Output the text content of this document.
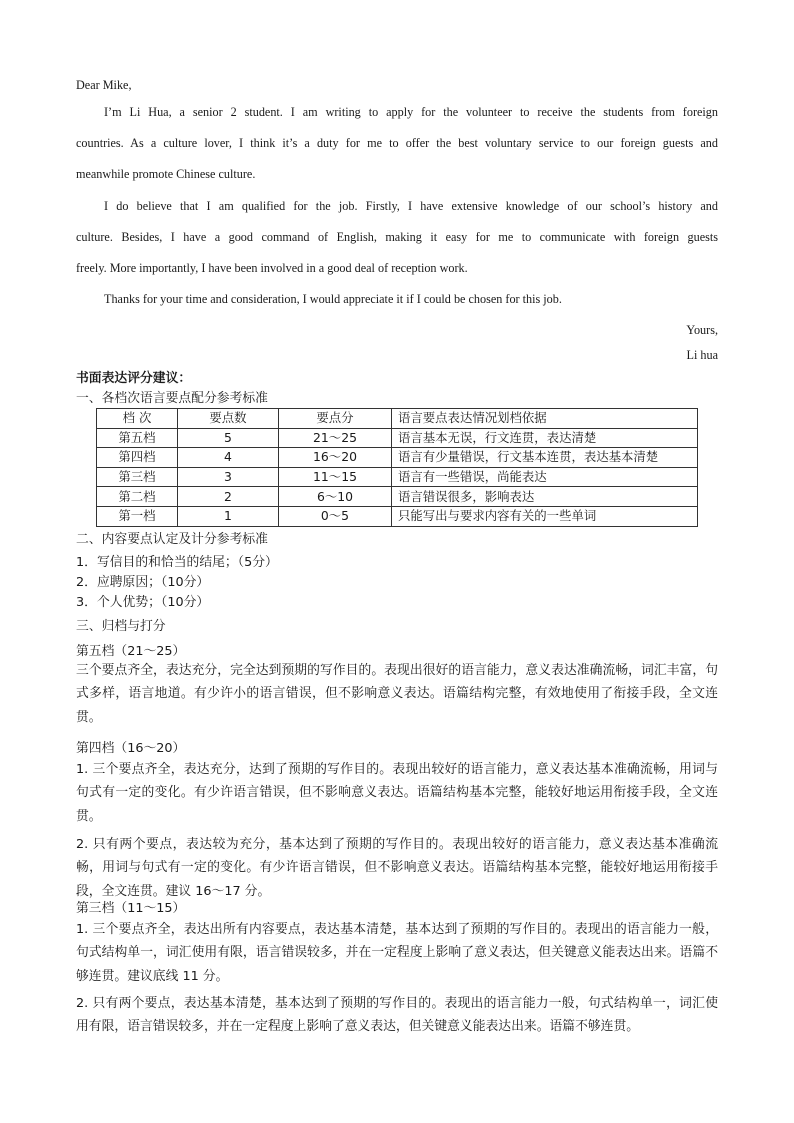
Dear Mike,
I’m Li Hua, a senior 2 student. I am writing to apply for the volunteer to receive the students from foreign
countries. As a culture lover, I think it’s a duty for me to offer the best voluntary service to our foreign guests and
meanwhile promote Chinese culture.
I do believe that I am qualified for the job. Firstly, I have extensive knowledge of our school’s history and
culture. Besides, I have a good command of English, making it easy for me to communicate with foreign guests
freely. More importantly, I have been involved in a good deal of reception work.
Thanks for your time and consideration, I would appreciate it if I could be chosen for this job.
Yours,
Li hua
书面表达评分建议：
一、各档次语言要点配分参考标准
档 次	要点数	要点分	语言要点表达情况划档依据
第五档	5	21～25	语言基本无误，行文连贯，表达清楚
第四档	4	16～20	语言有少量错误，行文基本连贯，表达基本清楚
第三档	3	11～15	语言有一些错误，尚能表达
第二档	2	6～10	语言错误很多，影响表达
第一档	1	0～5	只能写出与要求内容有关的一些单词
二、内容要点认定及计分参考标准
1．写信目的和恰当的结尾；（5分）
2．应聘原因；（10分）
3．个人优势；（10分）
三、归档与打分
第五档（21～25）
三个要点齐全，表达充分，完全达到预期的写作目的。表现出很好的语言能力，意义表达准确流畅，词汇丰富，句式多样，语言地道。有少许小的语言错误，但不影响意义表达。语篇结构完整，有效地使用了衔接手段，全文连贯。
第四档（16～20）
1. 三个要点齐全，表达充分，达到了预期的写作目的。表现出较好的语言能力，意义表达基本准确流畅，用词与句式有一定的变化。有少许语言错误，但不影响意义表达。语篇结构基本完整，能较好地运用衔接手段，全文连贯。
2. 只有两个要点，表达较为充分，基本达到了预期的写作目的。表现出较好的语言能力，意义表达基本准确流畅，用词与句式有一定的变化。有少许语言错误，但不影响意义表达。语篇结构基本完整，能较好地运用衔接手段，全文连贯。建议 16～17 分。
第三档（11～15）
1. 三个要点齐全，表达出所有内容要点，表达基本清楚，基本达到了预期的写作目的。表现出的语言能力一般，句式结构单一，词汇使用有限，语言错误较多，并在一定程度上影响了意义表达，但关键意义能表达出来。语篇不够连贯。建议底线 11 分。
2. 只有两个要点，表达基本清楚，基本达到了预期的写作目的。表现出的语言能力一般，句式结构单一，词汇使用有限，语言错误较多，并在一定程度上影响了意义表达，但关键意义能表达出来。语篇不够连贯。
